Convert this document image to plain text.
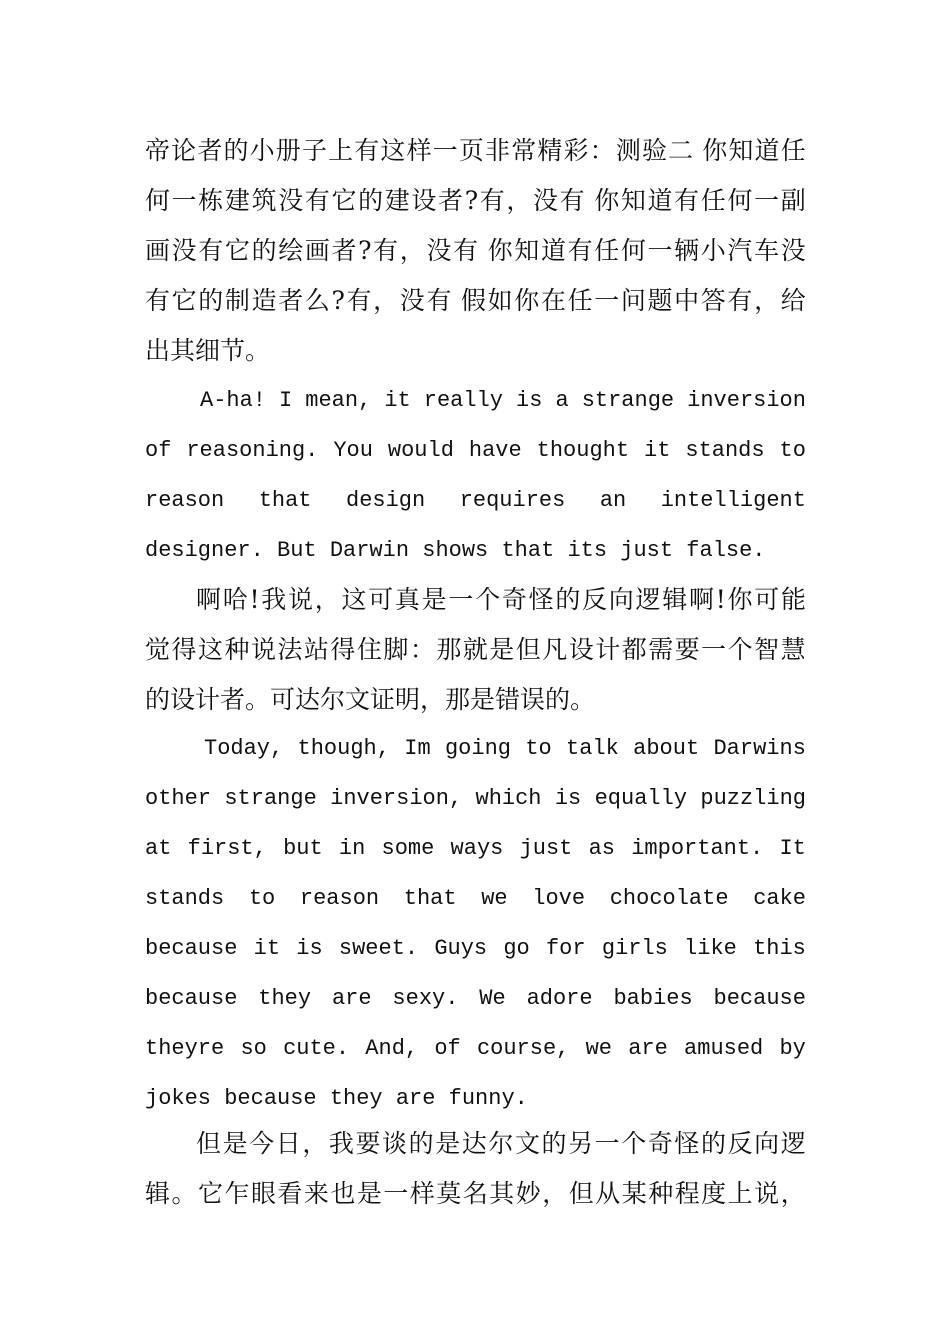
帝 论 者 的 小 册 子 上 有 这 样 一 页 非 常 精 彩 ： 测 验 二 你 知 道 任
何 一 栋 建 筑 没 有 它 的 建 设 者 ? 有 ， 没 有 你 知 道 有 任 何 一 副
画 没 有 它 的 绘 画 者 ? 有 ， 没 有 你 知 道 有 任 何 一 辆 小 汽 车 没
有 它 的 制 造 者 么 ? 有 ， 没 有 假 如 你 在 任 一 问 题 中 答 有 ， 给
出其细节。
A-ha! I mean, it really is a strange inversion
of reasoning. You would have thought it stands to
reason that design requires an intelligent
designer. But Darwin shows that its just false.
啊 哈 ! 我 说 ， 这 可 真 是 一 个 奇 怪 的 反 向 逻 辑 啊 ! 你 可 能
觉 得 这 种 说 法 站 得 住 脚 ： 那 就 是 但 凡 设 计 都 需 要 一 个 智 慧
的设计者。可达尔文证明，那是错误的。
Today, though, Im going to talk about Darwins
other strange inversion, which is equally puzzling
at first, but in some ways just as important. It
stands to reason that we love chocolate cake
because it is sweet. Guys go for girls like this
because they are sexy. We adore babies because
theyre so cute. And, of course, we are amused by
jokes because they are funny.
但 是 今 日 ， 我 要 谈 的 是 达 尔 文 的 另 一 个 奇 怪 的 反 向 逻
辑 。 它 乍 眼 看 来 也 是 一 样 莫 名 其 妙 ， 但 从 某 种 程 度 上 说 ，
